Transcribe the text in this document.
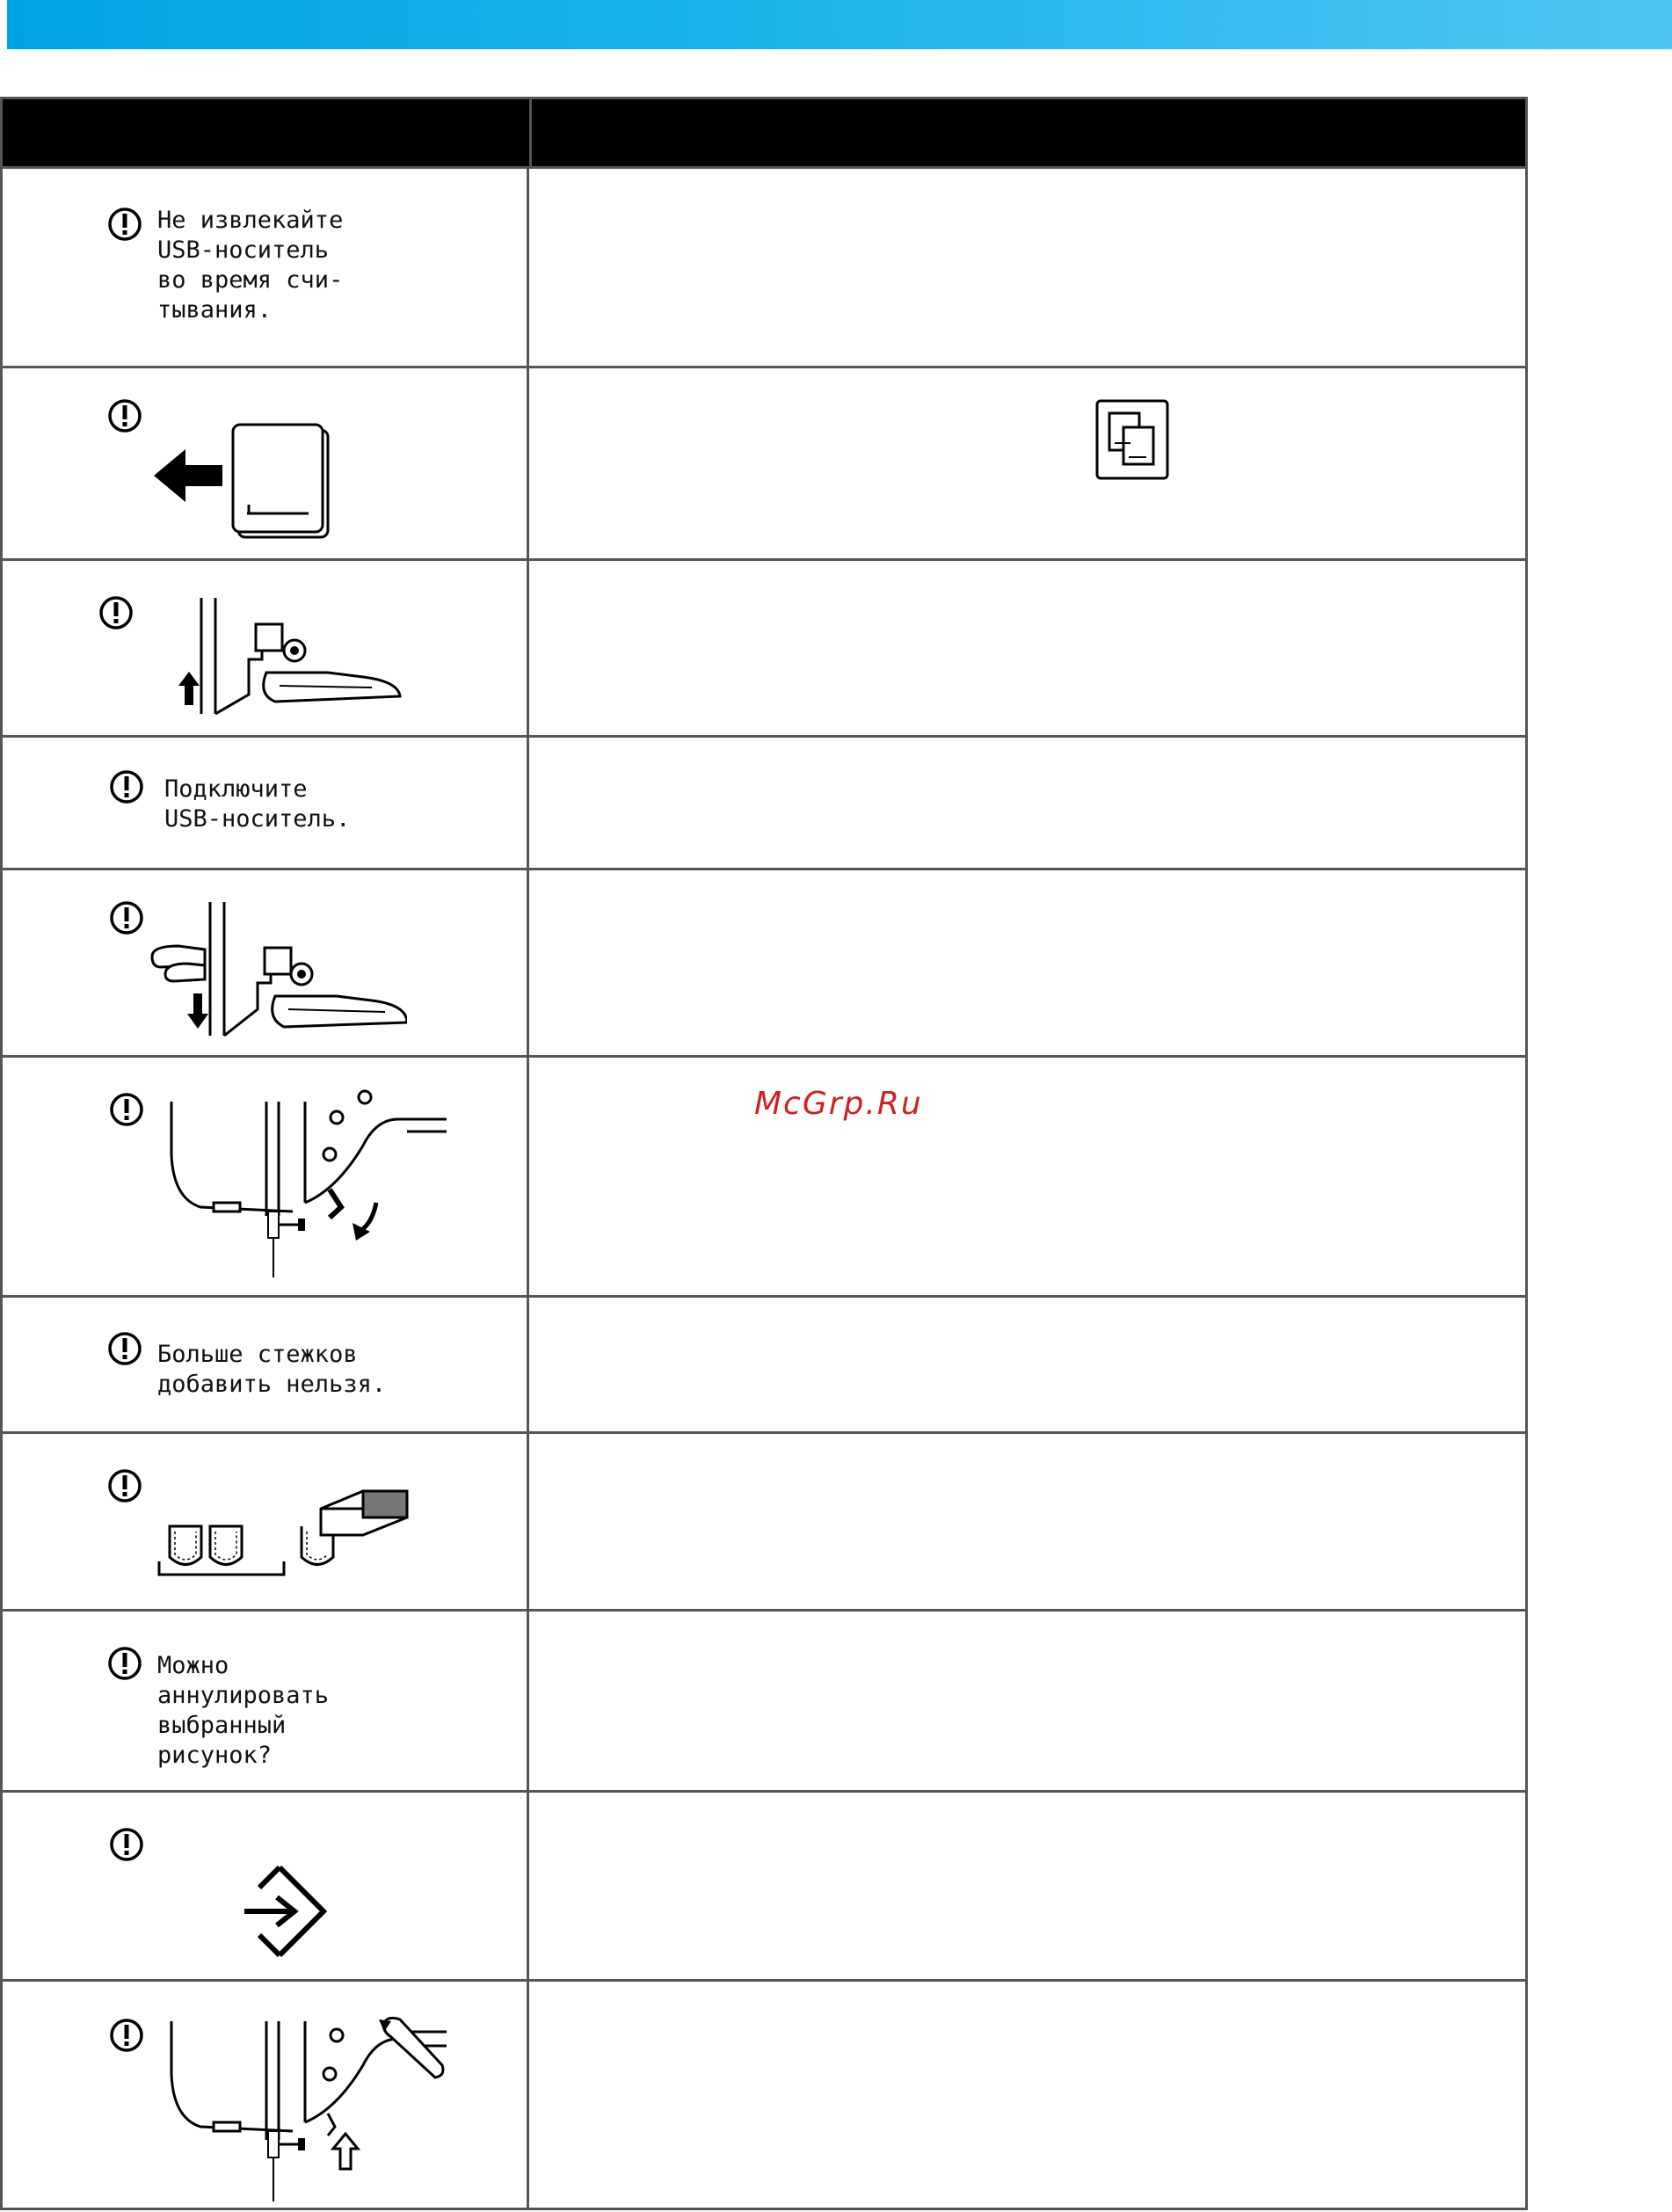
Не извлекайте
USB-носитель
во время счи-
тывания.
Подключите
USB-носитель.
Больше стежков
добавить нельзя.
Можно
аннулировать
выбранный
рисунок?
McGrp.Ru
